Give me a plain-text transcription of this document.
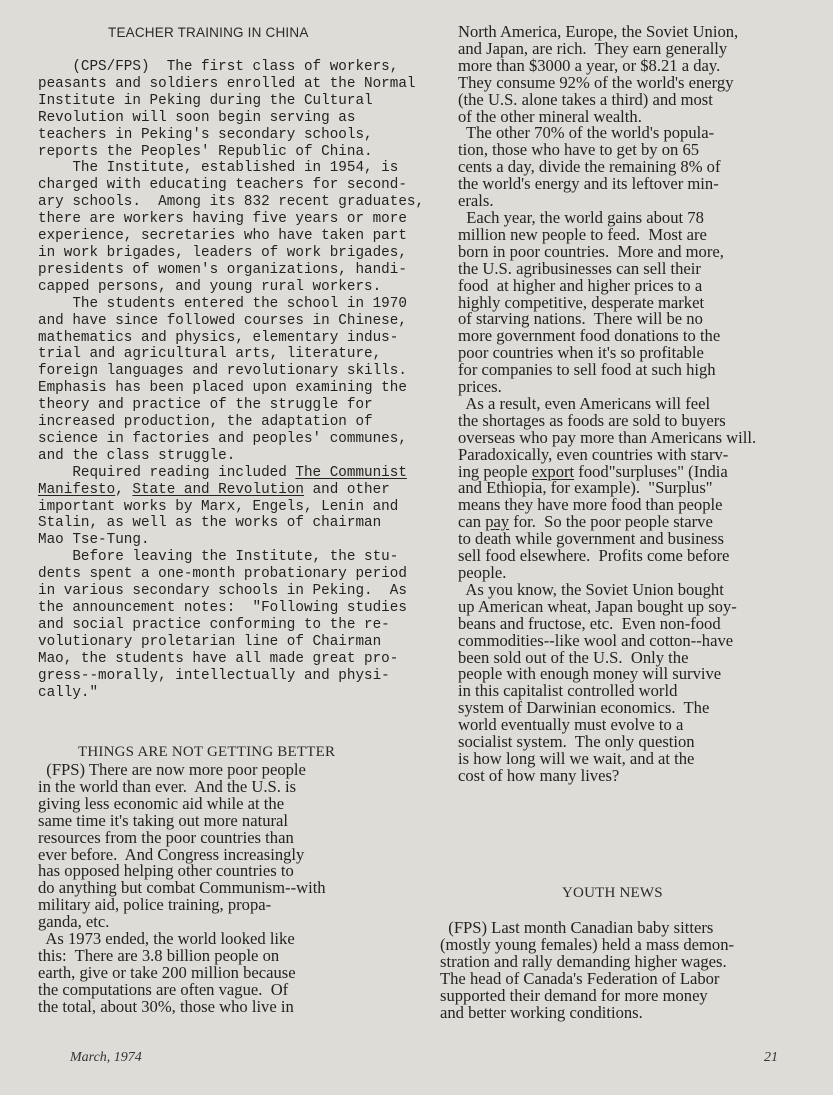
TEACHER TRAINING IN CHINA
(CPS/FPS)  The first class of workers,
peasants and soldiers enrolled at the Normal
Institute in Peking during the Cultural
Revolution will soon begin serving as
teachers in Peking's secondary schools,
reports the Peoples' Republic of China.
The Institute, established in 1954, is
charged with educating teachers for second-
ary schools.  Among its 832 recent graduates,
there are workers having five years or more
experience, secretaries who have taken part
in work brigades, leaders of work brigades,
presidents of women's organizations, handi-
capped persons, and young rural workers.
The students entered the school in 1970
and have since followed courses in Chinese,
mathematics and physics, elementary indus-
trial and agricultural arts, literature,
foreign languages and revolutionary skills.
Emphasis has been placed upon examining the
theory and practice of the struggle for
increased production, the adaptation of
science in factories and peoples' communes,
and the class struggle.
Required reading included The Communist
Manifesto, State and Revolution and other
important works by Marx, Engels, Lenin and
Stalin, as well as the works of chairman
Mao Tse-Tung.
Before leaving the Institute, the stu-
dents spent a one-month probationary period
in various secondary schools in Peking.  As
the announcement notes:  "Following studies
and social practice conforming to the re-
volutionary proletarian line of Chairman
Mao, the students have all made great pro-
gress--morally, intellectually and physi-
cally."
THINGS ARE NOT GETTING BETTER
(FPS) There are now more poor people
in the world than ever.  And the U.S. is
giving less economic aid while at the
same time it's taking out more natural
resources from the poor countries than
ever before.  And Congress increasingly
has opposed helping other countries to
do anything but combat Communism--with
military aid, police training, propa-
ganda, etc.
As 1973 ended, the world looked like
this:  There are 3.8 billion people on
earth, give or take 200 million because
the computations are often vague.  Of
the total, about 30%, those who live in
March, 1974
North America, Europe, the Soviet Union,
and Japan, are rich.  They earn generally
more than $3000 a year, or $8.21 a day.
They consume 92% of the world's energy
(the U.S. alone takes a third) and most
of the other mineral wealth.
The other 70% of the world's popula-
tion, those who have to get by on 65
cents a day, divide the remaining 8% of
the world's energy and its leftover min-
erals.
Each year, the world gains about 78
million new people to feed.  Most are
born in poor countries.  More and more,
the U.S. agribusinesses can sell their
food  at higher and higher prices to a
highly competitive, desperate market
of starving nations.  There will be no
more government food donations to the
poor countries when it's so profitable
for companies to sell food at such high
prices.
As a result, even Americans will feel
the shortages as foods are sold to buyers
overseas who pay more than Americans will.
Paradoxically, even countries with starv-
ing people export food"surpluses" (India
and Ethiopia, for example).  "Surplus"
means they have more food than people
can pay for.  So the poor people starve
to death while government and business
sell food elsewhere.  Profits come before
people.
As you know, the Soviet Union bought
up American wheat, Japan bought up soy-
beans and fructose, etc.  Even non-food
commodities--like wool and cotton--have
been sold out of the U.S.  Only the
people with enough money will survive
in this capitalist controlled world
system of Darwinian economics.  The
world eventually must evolve to a
socialist system.  The only question
is how long will we wait, and at the
cost of how many lives?
YOUTH NEWS
(FPS) Last month Canadian baby sitters
(mostly young females) held a mass demon-
stration and rally demanding higher wages.
The head of Canada's Federation of Labor
supported their demand for more money
and better working conditions.
21
